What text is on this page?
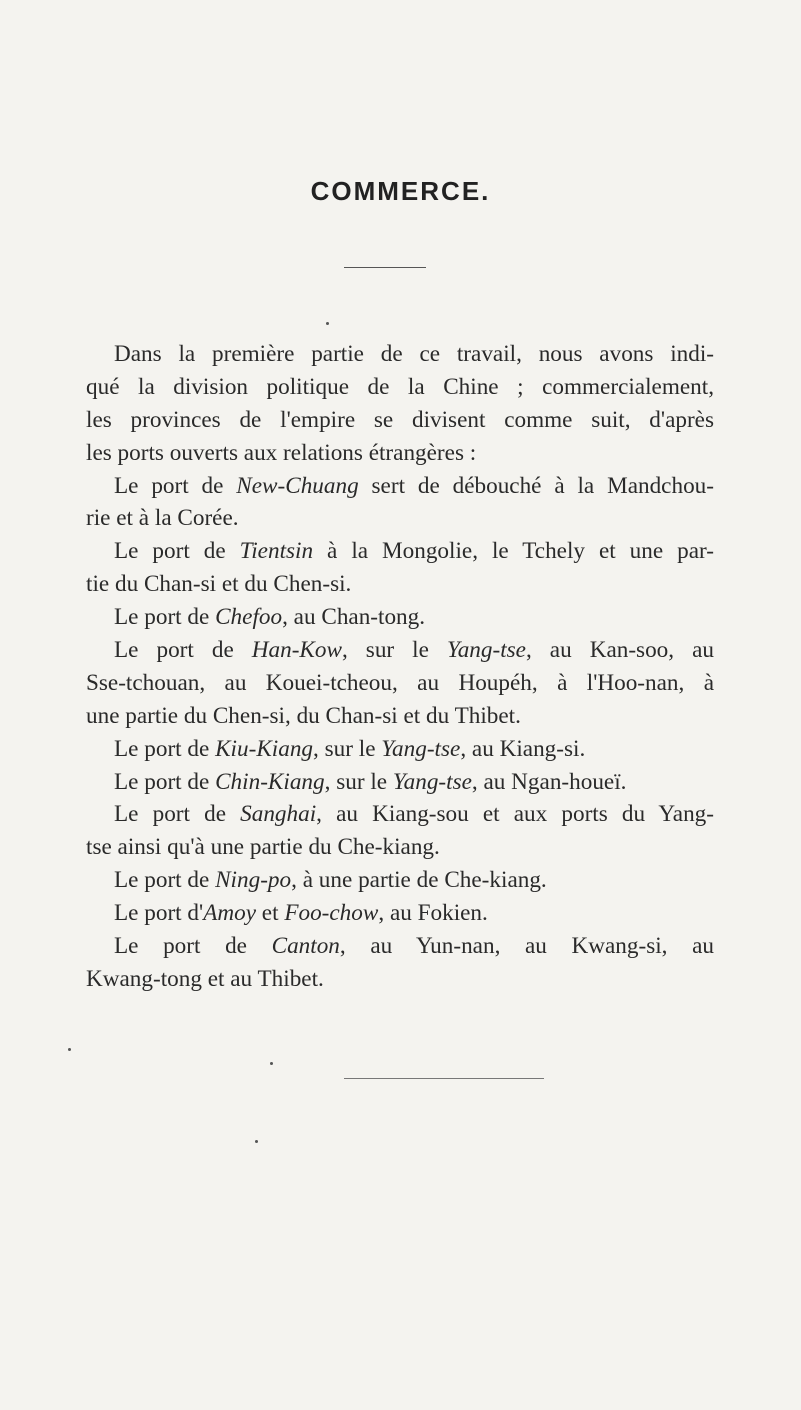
COMMERCE.
Dans la première partie de ce travail, nous avons indi-
qué la division politique de la Chine ; commercialement,
les provinces de l'empire se divisent comme suit, d'après
les ports ouverts aux relations étrangères :
Le port de New-Chuang sert de débouché à la Mandchou-
rie et à la Corée.
Le port de Tientsin à la Mongolie, le Tchely et une par-
tie du Chan-si et du Chen-si.
Le port de Chefoo, au Chan-tong.
Le port de Han-Kow, sur le Yang-tse, au Kan-soo, au
Sse-tchouan, au Kouei-tcheou, au Houpéh, à l'Hoo-nan, à
une partie du Chen-si, du Chan-si et du Thibet.
Le port de Kiu-Kiang, sur le Yang-tse, au Kiang-si.
Le port de Chin-Kiang, sur le Yang-tse, au Ngan-houeï.
Le port de Sanghai, au Kiang-sou et aux ports du Yang-
tse ainsi qu'à une partie du Che-kiang.
Le port de Ning-po, à une partie de Che-kiang.
Le port d'Amoy et Foo-chow, au Fokien.
Le port de Canton, au Yun-nan, au Kwang-si, au
Kwang-tong et au Thibet.
